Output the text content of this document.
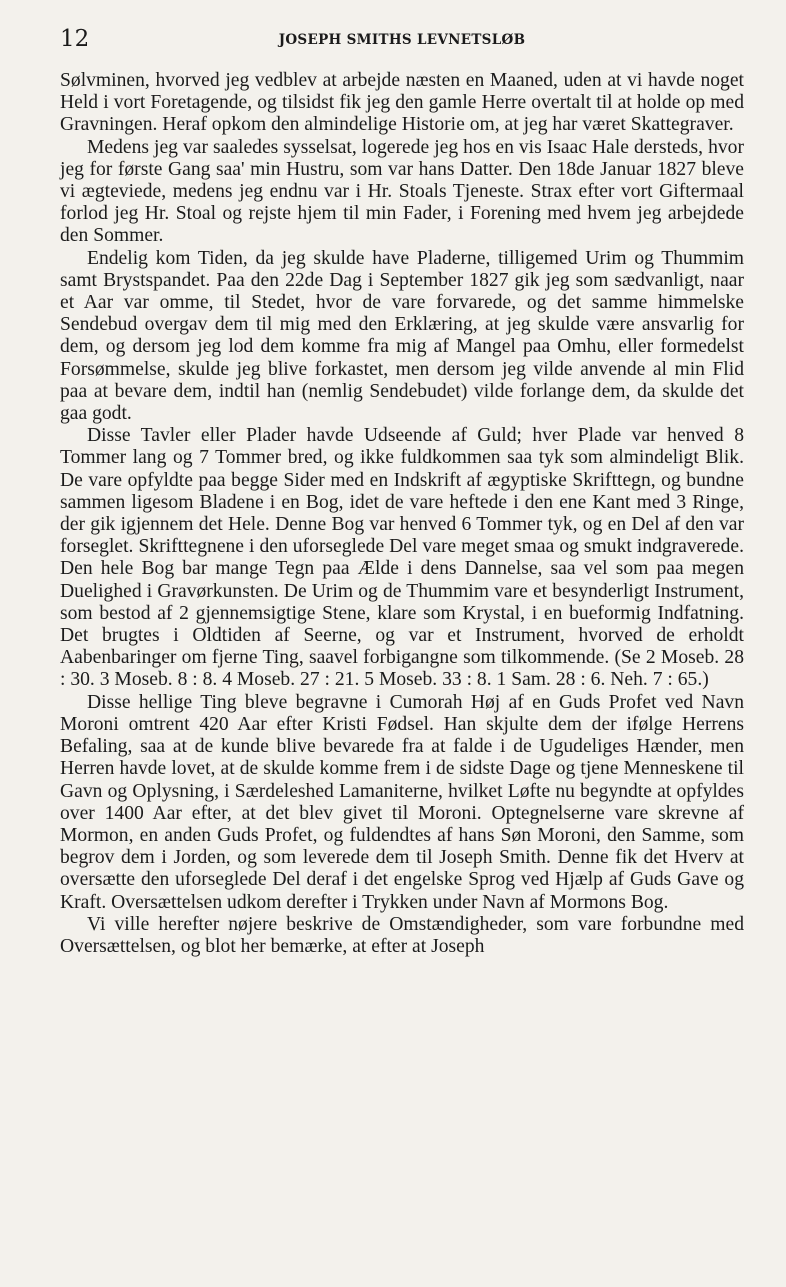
12	JOSEPH SMITHS LEVNETSLØB

Sølvminen, hvorved jeg vedblev at arbejde næsten en Maaned, uden at vi havde noget Held i vort Foretagende, og tilsidst fik jeg den gamle Herre overtalt til at holde op med Gravningen. Heraf opkom den almindelige Historie om, at jeg har været Skattegraver.

Medens jeg var saaledes sysselsat, logerede jeg hos en vis Isaac Hale dersteds, hvor jeg for første Gang saa' min Hustru, som var hans Datter. Den 18de Januar 1827 bleve vi ægteviede, medens jeg endnu var i Hr. Stoals Tjeneste. Strax efter vort Giftermaal forlod jeg Hr. Stoal og rejste hjem til min Fader, i Forening med hvem jeg arbejdede den Sommer.

Endelig kom Tiden, da jeg skulde have Pladerne, tilligemed Urim og Thummim samt Brystspandet. Paa den 22de Dag i September 1827 gik jeg som sædvanligt, naar et Aar var omme, til Stedet, hvor de vare forvarede, og det samme himmelske Sendebud overgav dem til mig med den Erklæring, at jeg skulde være ansvarlig for dem, og dersom jeg lod dem komme fra mig af Mangel paa Omhu, eller formedelst Forsømmelse, skulde jeg blive forkastet, men dersom jeg vilde anvende al min Flid paa at bevare dem, indtil han (nemlig Sendebudet) vilde forlange dem, da skulde det gaa godt.

Disse Tavler eller Plader havde Udseende af Guld; hver Plade var henved 8 Tommer lang og 7 Tommer bred, og ikke fuldkommen saa tyk som almindeligt Blik. De vare opfyldte paa begge Sider med en Indskrift af ægyptiske Skrifttegn, og bundne sammen ligesom Bladene i en Bog, idet de vare heftede i den ene Kant med 3 Ringe, der gik igjennem det Hele. Denne Bog var henved 6 Tommer tyk, og en Del af den var forseglet. Skrifttegnene i den uforseglede Del vare meget smaa og smukt indgraverede. Den hele Bog bar mange Tegn paa Ælde i dens Dannelse, saa vel som paa megen Duelighed i Gravørkunsten. De Urim og de Thummim vare et besynderligt Instrument, som bestod af 2 gjennemsigtige Stene, klare som Krystal, i en bueformig Indfatning. Det brugtes i Oldtiden af Seerne, og var et Instrument, hvorved de erholdt Aabenbaringer om fjerne Ting, saavel forbigangne som tilkommende. (Se 2 Moseb. 28 : 30. 3 Moseb. 8 : 8. 4 Moseb. 27 : 21. 5 Moseb. 33 : 8. 1 Sam. 28 : 6. Neh. 7 : 65.)

Disse hellige Ting bleve begravne i Cumorah Høj af en Guds Profet ved Navn Moroni omtrent 420 Aar efter Kristi Fødsel. Han skjulte dem der ifølge Herrens Befaling, saa at de kunde blive bevarede fra at falde i de Ugudeliges Hænder, men Herren havde lovet, at de skulde komme frem i de sidste Dage og tjene Menneskene til Gavn og Oplysning, i Særdeleshed Lamaniterne, hvilket Løfte nu begyndte at opfyldes over 1400 Aar efter, at det blev givet til Moroni. Optegnelserne vare skrevne af Mormon, en anden Guds Profet, og fuldendtes af hans Søn Moroni, den Samme, som begrov dem i Jorden, og som leverede dem til Joseph Smith. Denne fik det Hverv at oversætte den uforseglede Del deraf i det engelske Sprog ved Hjælp af Guds Gave og Kraft. Oversættelsen udkom derefter i Trykken under Navn af Mormons Bog.

Vi ville herefter nøjere beskrive de Omstændigheder, som vare forbundne med Oversættelsen, og blot her bemærke, at efter at Joseph
